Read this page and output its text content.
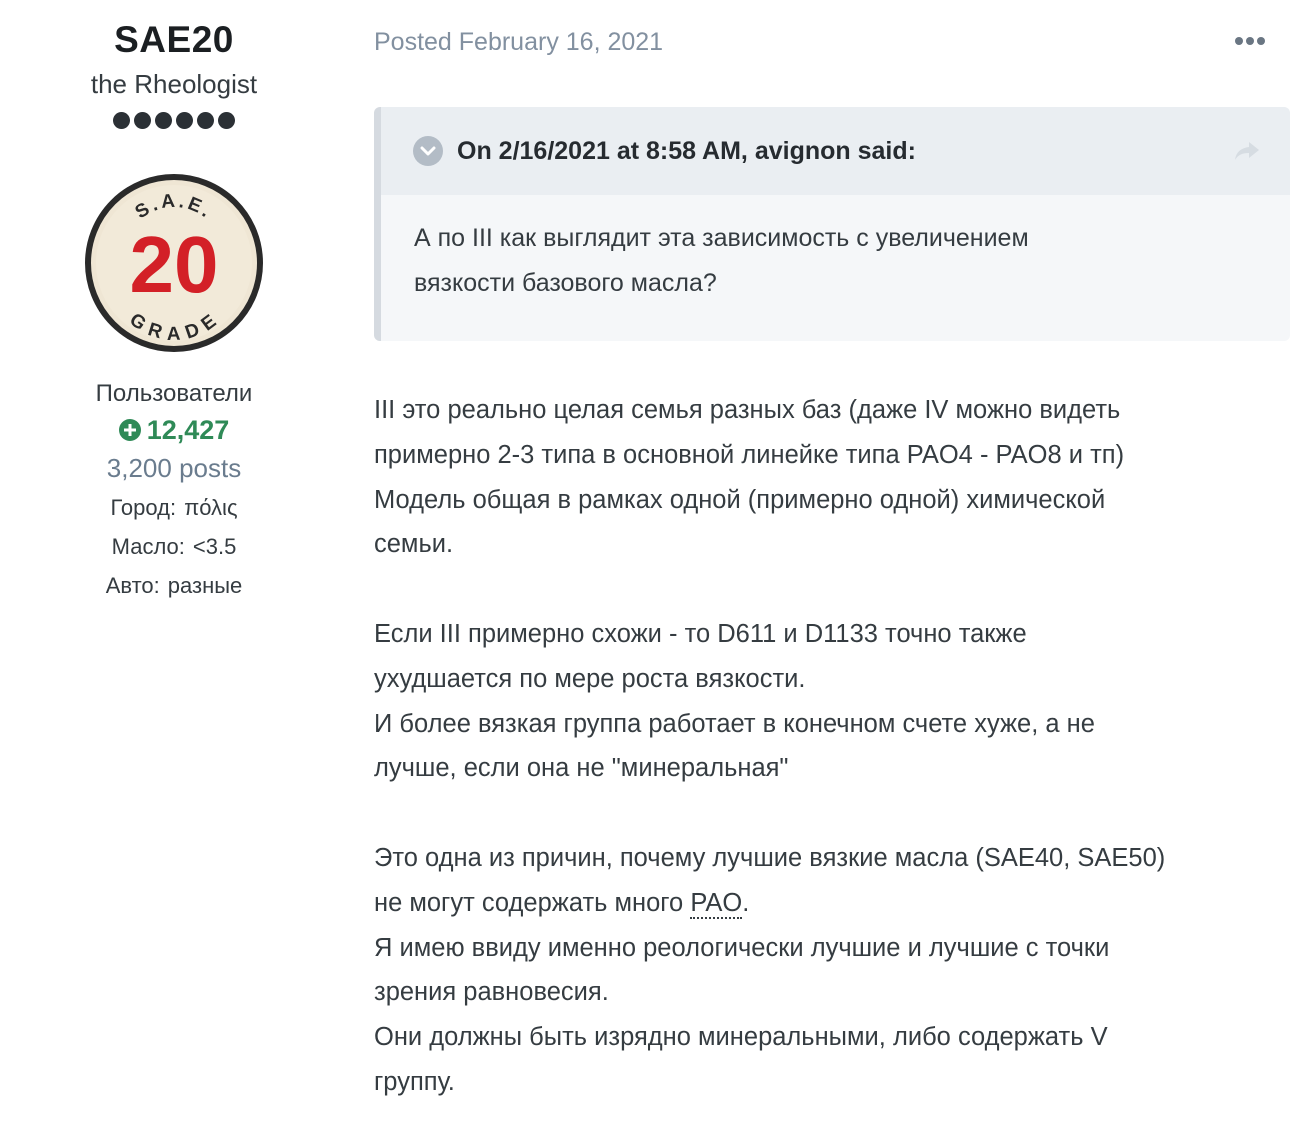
SAE20
the Rheologist
S.A.E.
20
GRADE
Пользователи
12,427
3,200 posts
Город: πόλις
Масло: <3.5
Авто: разные
Posted February 16, 2021
On 2/16/2021 at 8:58 AM, avignon said:
А по III как выглядит эта зависимость с увеличением
вязкости базового масла?

III это реально целая семья разных баз (даже IV можно видеть
примерно 2-3 типа в основной линейке типа PAO4 - PAO8 и тп)
Модель общая в рамках одной (примерно одной) химической
семьи.

Если III примерно схожи - то D611 и D1133 точно также
ухудшается по мере роста вязкости.
И более вязкая группа работает в конечном счете хуже, а не
лучше, если она не "минеральная"

Это одна из причин, почему лучшие вязкие масла (SAE40, SAE50)
не могут содержать много PAO.
Я имею ввиду именно реологически лучшие и лучшие с точки
зрения равновесия.
Они должны быть изрядно минеральными, либо содержать V
группу.
